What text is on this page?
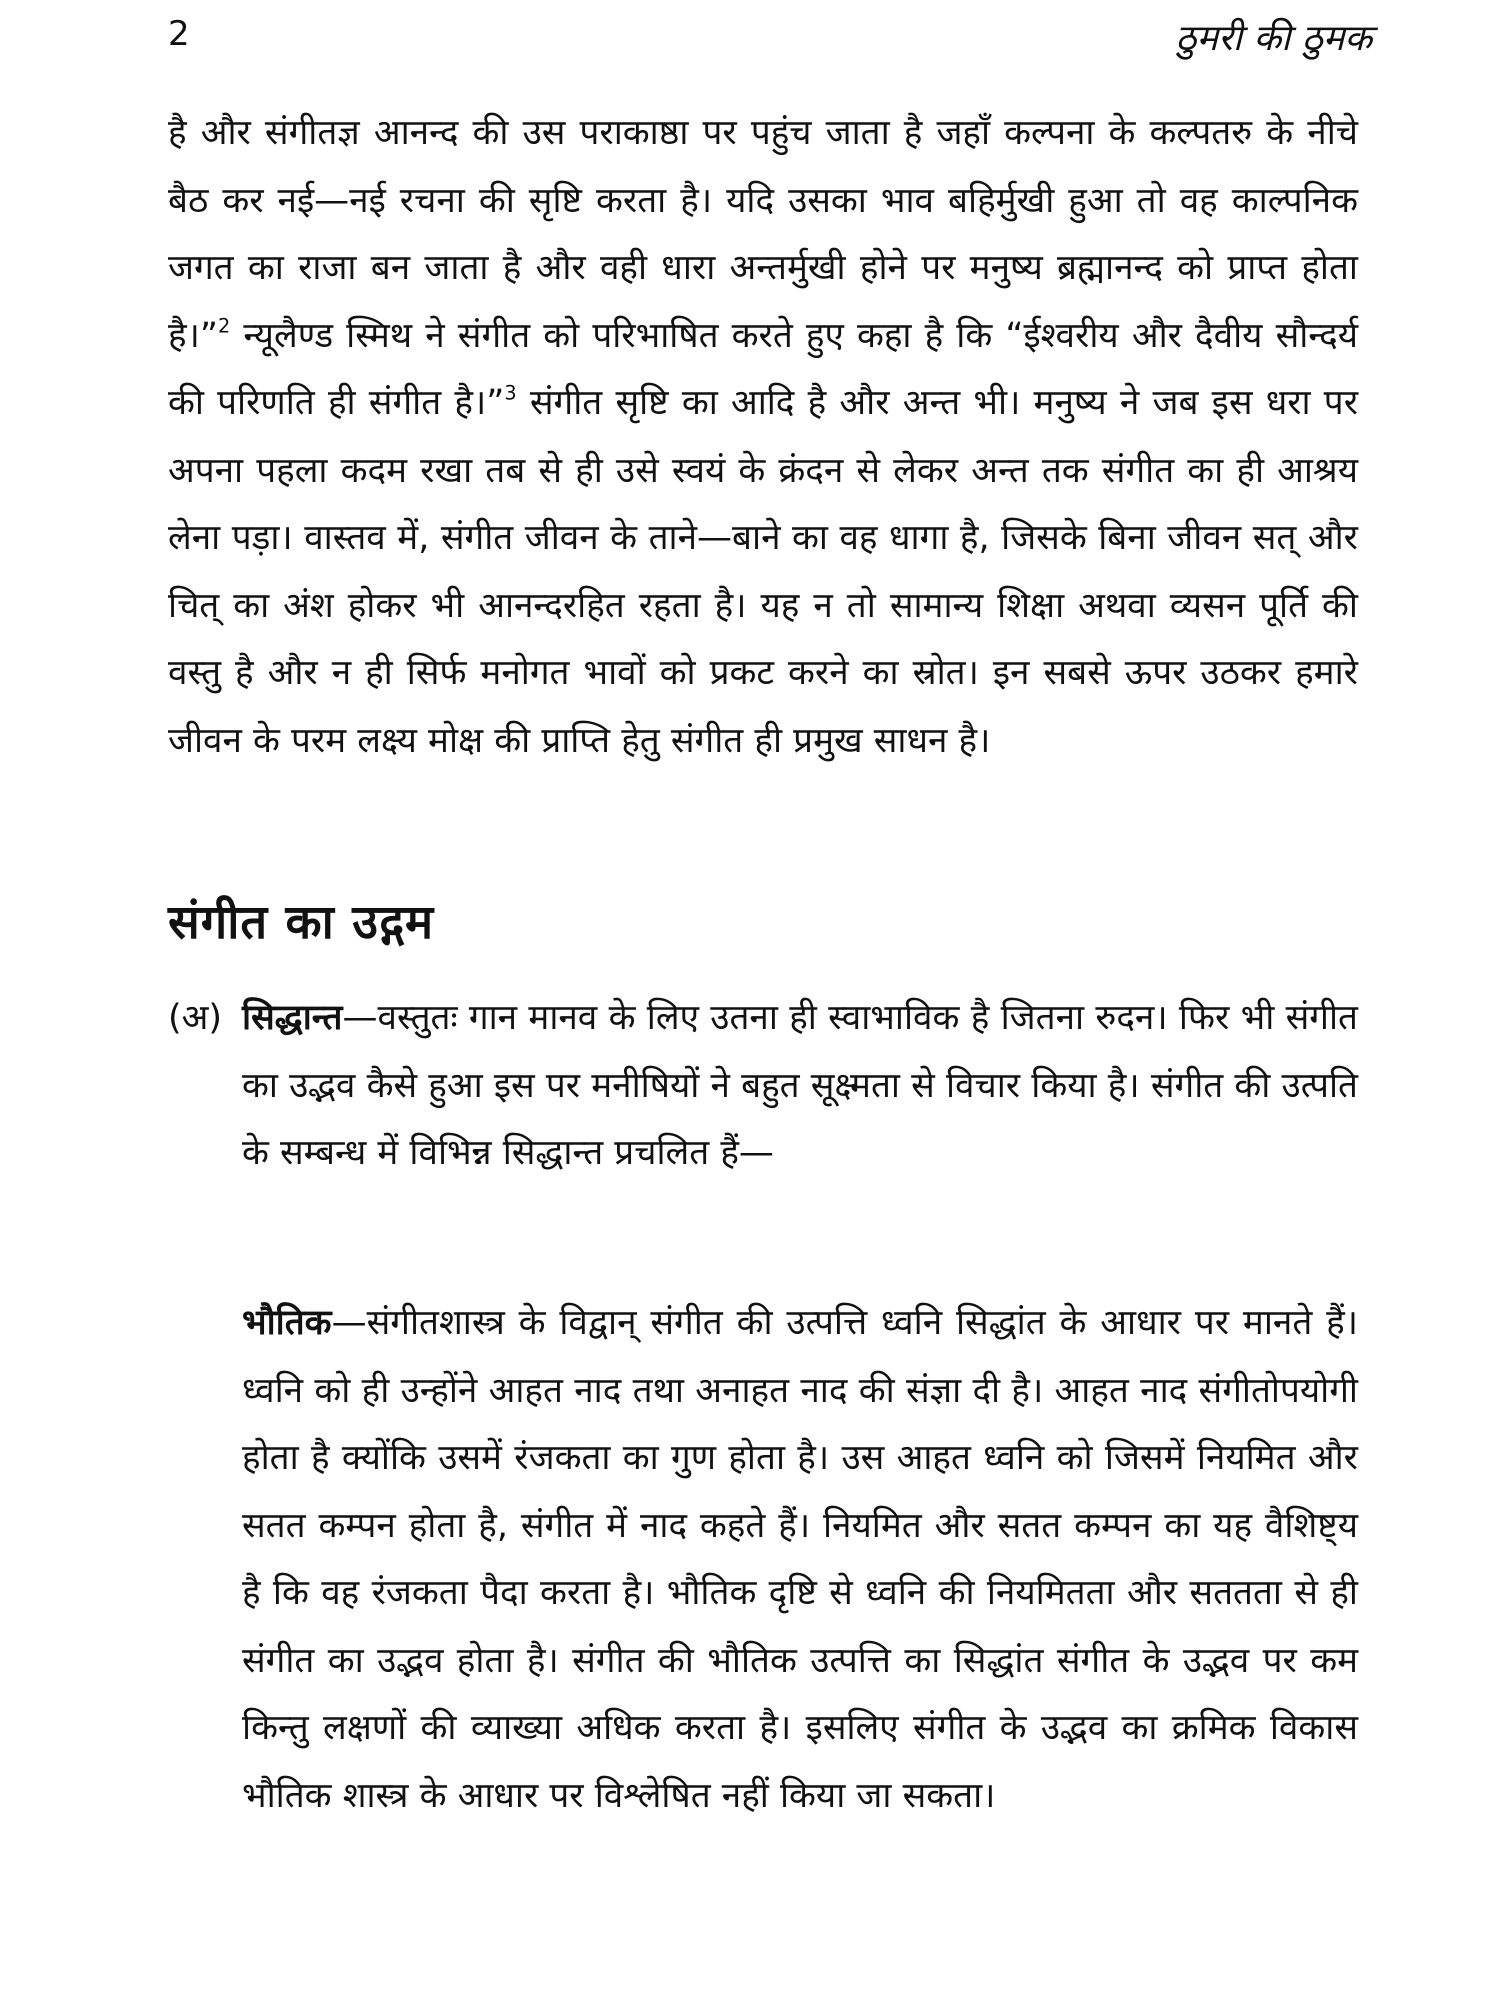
2	ठुमरी की ठुमक

है और संगीतज्ञ आनन्द की उस पराकाष्ठा पर पहुंच जाता है जहाँ कल्पना के कल्पतरु के नीचे बैठ कर नई—नई रचना की सृष्टि करता है। यदि उसका भाव बहिर्मुखी हुआ तो वह काल्पनिक जगत का राजा बन जाता है और वही धारा अन्तर्मुखी होने पर मनुष्य ब्रह्मानन्द को प्राप्त होता है।”$^2$ न्यूलैण्ड स्मिथ ने संगीत को परिभाषित करते हुए कहा है कि “ईश्वरीय और दैवीय सौन्दर्य की परिणति ही संगीत है।”$^3$ संगीत सृष्टि का आदि है और अन्त भी। मनुष्य ने जब इस धरा पर अपना पहला कदम रखा तब से ही उसे स्वयं के क्रंदन से लेकर अन्त तक संगीत का ही आश्रय लेना पड़ा। वास्तव में, संगीत जीवन के ताने—बाने का वह धागा है, जिसके बिना जीवन सत् और चित् का अंश होकर भी आनन्दरहित रहता है। यह न तो सामान्य शिक्षा अथवा व्यसन पूर्ति की वस्तु है और न ही सिर्फ मनोगत भावों को प्रकट करने का स्रोत। इन सबसे ऊपर उठकर हमारे जीवन के परम लक्ष्य मोक्ष की प्राप्ति हेतु संगीत ही प्रमुख साधन है।

संगीत का उद्गम
(अ) सिद्धान्त—वस्तुतः गान मानव के लिए उतना ही स्वाभाविक है जितना रुदन। फिर भी संगीत का उद्भव कैसे हुआ इस पर मनीषियों ने बहुत सूक्ष्मता से विचार किया है। संगीत की उत्पति के सम्बन्ध में विभिन्न सिद्धान्त प्रचलित हैं—
भौतिक—संगीतशास्त्र के विद्वान् संगीत की उत्पत्ति ध्वनि सिद्धांत के आधार पर मानते हैं। ध्वनि को ही उन्होंने आहत नाद तथा अनाहत नाद की संज्ञा दी है। आहत नाद संगीतोपयोगी होता है क्योंकि उसमें रंजकता का गुण होता है। उस आहत ध्वनि को जिसमें नियमित और सतत कम्पन होता है, संगीत में नाद कहते हैं। नियमित और सतत कम्पन का यह वैशिष्ट्य है कि वह रंजकता पैदा करता है। भौतिक दृष्टि से ध्वनि की नियमितता और सततता से ही संगीत का उद्भव होता है। संगीत की भौतिक उत्पत्ति का सिद्धांत संगीत के उद्भव पर कम किन्तु लक्षणों की व्याख्या अधिक करता है। इसलिए संगीत के उद्भव का क्रमिक विकास भौतिक शास्त्र के आधार पर विश्लेषित नहीं किया जा सकता।
